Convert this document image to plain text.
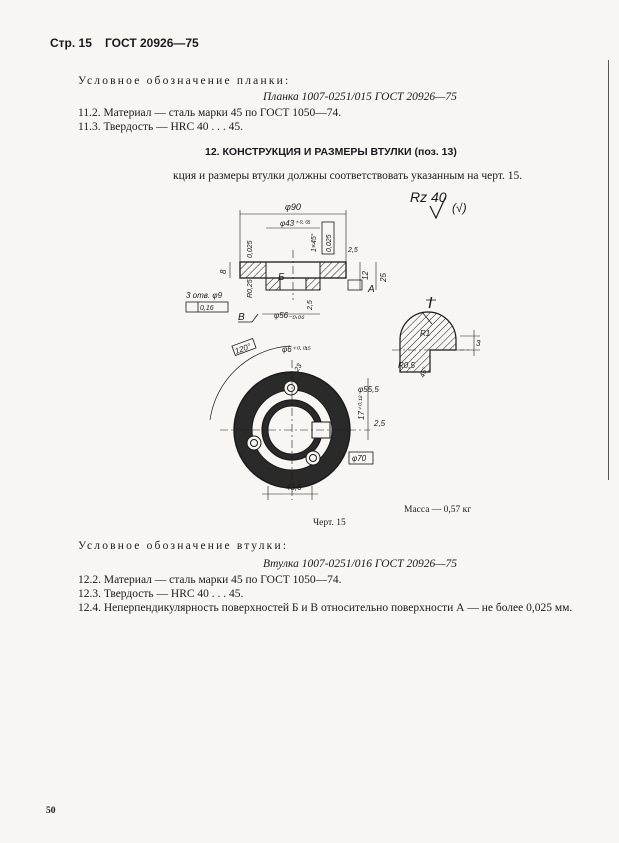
Стр. 15 ГОСТ 20926—75
Условное обозначение планки:
Планка 1007-0251/015 ГОСТ 20926—75
11.2. Материал — сталь марки 45 по ГОСТ 1050—74.
11.3. Твердость — HRC 40 . . . 45.
12. КОНСТРУКЦИЯ И РАЗМЕРЫ ВТУЛКИ (поз. 13)
кция и размеры втулки должны соответствовать указанным на черт. 15.
Rz 40
(√)
φ90
φ43⁺⁰·⁰⁵
1×45° 0,025 2,5
12 25
8
0,025
R0,25
3 отв. φ9
0,16
φ56₋₀,₀₆
Б
В
А
2,5
120°	φ6⁺⁰·⁰¹⁵
23
φ55,5
17⁺⁰·¹²
2,5
φ70
43,6
I
R1
R0,5
3
45°
Масса — 0,57 кг
Черт. 15
Условное обозначение втулки:
Втулка 1007-0251/016 ГОСТ 20926—75
12.2. Материал — сталь марки 45 по ГОСТ 1050—74.
12.3. Твердость — HRC 40 . . . 45.
12.4. Неперпендикулярность поверхностей Б и В относительно поверхности А — не более 0,025 мм.
50
